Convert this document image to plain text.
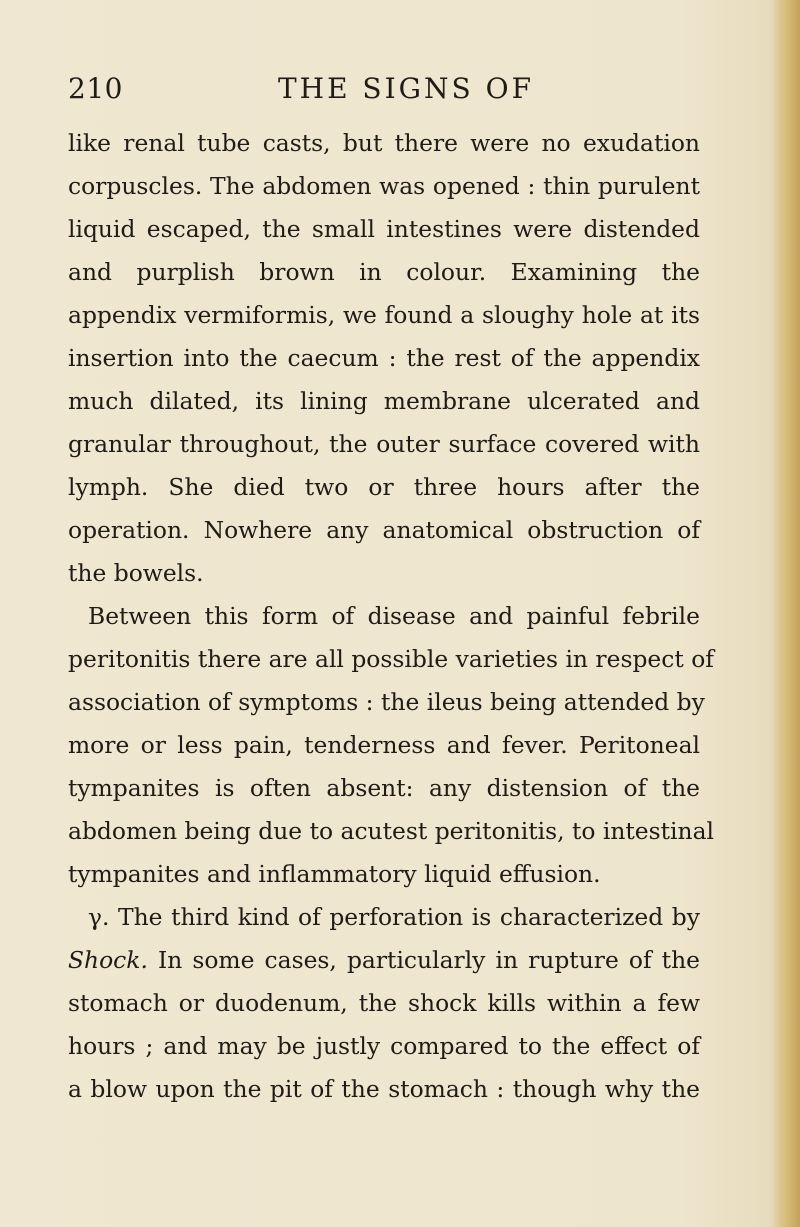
210	THE SIGNS OF
like renal tube casts, but there were no exudation
corpuscles. The abdomen was opened : thin purulent
liquid escaped, the small intestines were distended
and purplish brown in colour. Examining the
appendix vermiformis, we found a sloughy hole at its
insertion into the caecum : the rest of the appendix
much dilated, its lining membrane ulcerated and
granular throughout, the outer surface covered with
lymph. She died two or three hours after the
operation. Nowhere any anatomical obstruction of
the bowels.
Between this form of disease and painful febrile
peritonitis there are all possible varieties in respect of
association of symptoms : the ileus being attended by
more or less pain, tenderness and fever. Peritoneal
tympanites is often absent: any distension of the
abdomen being due to acutest peritonitis, to intestinal
tympanites and inflammatory liquid effusion.
γ. The third kind of perforation is characterized by
Shock. In some cases, particularly in rupture of the
stomach or duodenum, the shock kills within a few
hours ; and may be justly compared to the effect of
a blow upon the pit of the stomach : though why the
